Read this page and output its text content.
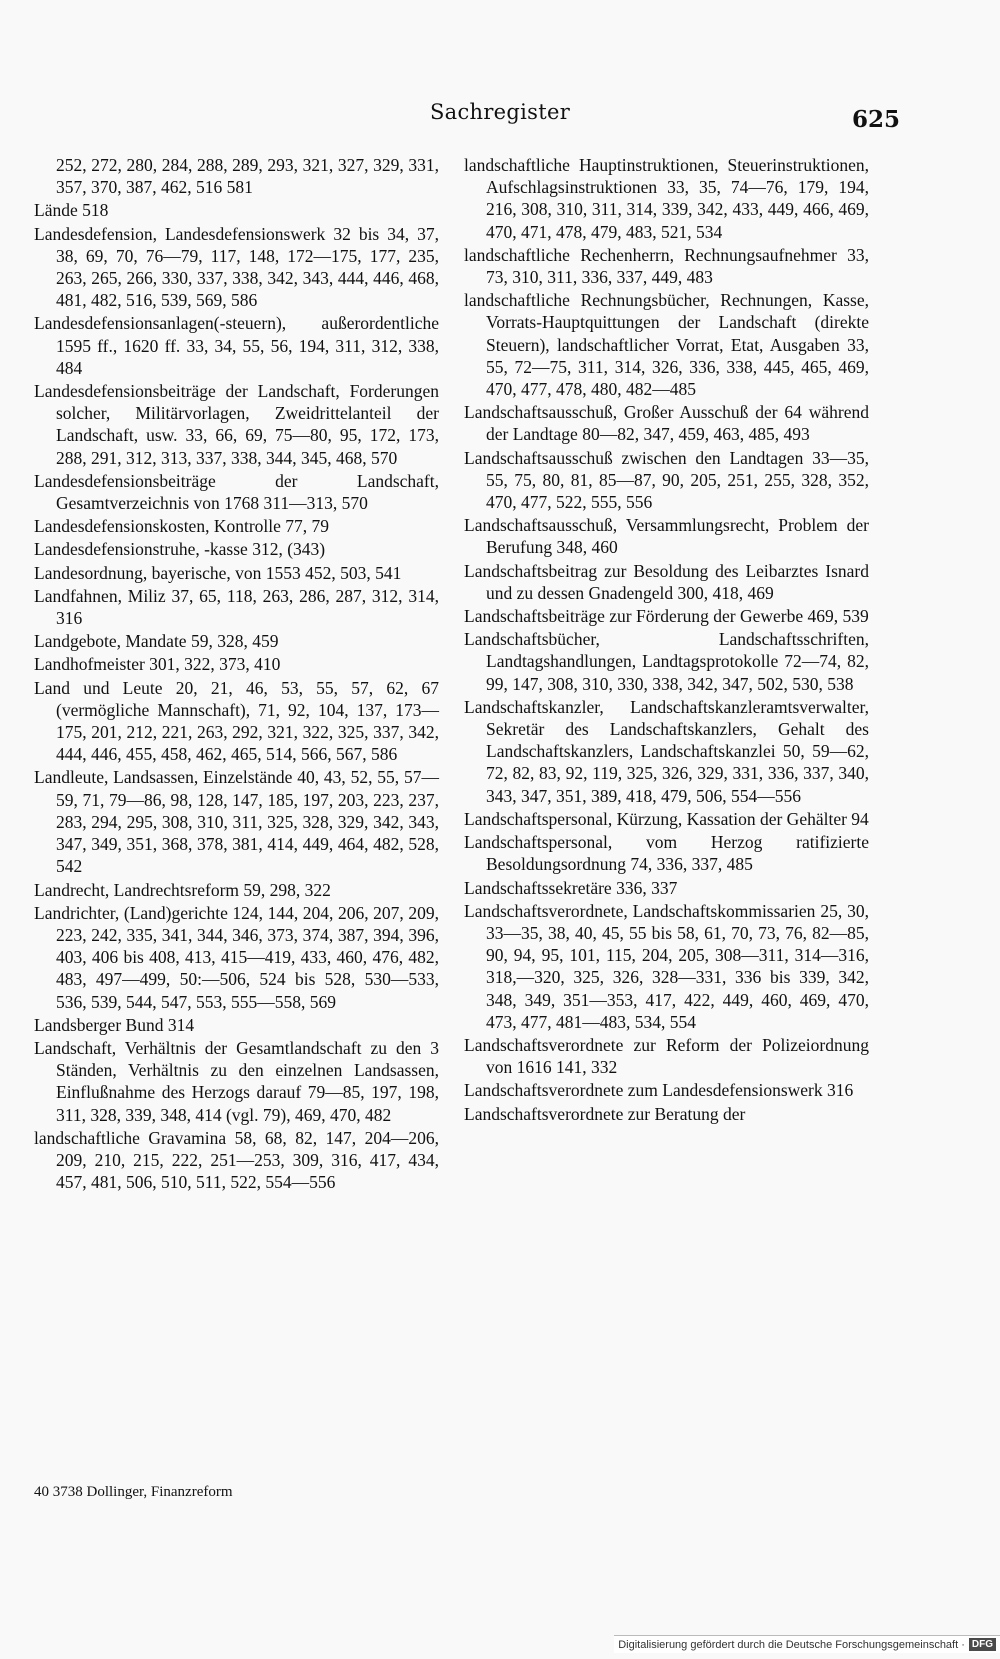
Sachregister	625
252, 272, 280, 284, 288, 289, 293, 321, 327, 329, 331, 357, 370, 387, 462, 516 581
Lände 518
Landesdefension, Landesdefensionswerk 32 bis 34, 37, 38, 69, 70, 76—79, 117, 148, 172—175, 177, 235, 263, 265, 266, 330, 337, 338, 342, 343, 444, 446, 468, 481, 482, 516, 539, 569, 586
Landesdefensionsanlagen(-steuern), außerordentliche 1595 ff., 1620 ff. 33, 34, 55, 56, 194, 311, 312, 338, 484
Landesdefensionsbeiträge der Landschaft, Forderungen solcher, Militärvorlagen, Zweidrittelanteil der Landschaft, usw. 33, 66, 69, 75—80, 95, 172, 173, 288, 291, 312, 313, 337, 338, 344, 345, 468, 570
Landesdefensionsbeiträge der Landschaft, Gesamtverzeichnis von 1768 311—313, 570
Landesdefensionskosten, Kontrolle 77, 79
Landesdefensionstruhe, -kasse 312, (343)
Landesordnung, bayerische, von 1553 452, 503, 541
Landfahnen, Miliz 37, 65, 118, 263, 286, 287, 312, 314, 316
Landgebote, Mandate 59, 328, 459
Landhofmeister 301, 322, 373, 410
Land und Leute 20, 21, 46, 53, 55, 57, 62, 67 (vermögliche Mannschaft), 71, 92, 104, 137, 173—175, 201, 212, 221, 263, 292, 321, 322, 325, 337, 342, 444, 446, 455, 458, 462, 465, 514, 566, 567, 586
Landleute, Landsassen, Einzelstände 40, 43, 52, 55, 57—59, 71, 79—86, 98, 128, 147, 185, 197, 203, 223, 237, 283, 294, 295, 308, 310, 311, 325, 328, 329, 342, 343, 347, 349, 351, 368, 378, 381, 414, 449, 464, 482, 528, 542
Landrecht, Landrechtsreform 59, 298, 322
Landrichter, (Land)gerichte 124, 144, 204, 206, 207, 209, 223, 242, 335, 341, 344, 346, 373, 374, 387, 394, 396, 403, 406 bis 408, 413, 415—419, 433, 460, 476, 482, 483, 497—499, 50:—506, 524 bis 528, 530—533, 536, 539, 544, 547, 553, 555—558, 569
Landsberger Bund 314
Landschaft, Verhältnis der Gesamtlandschaft zu den 3 Ständen, Verhältnis zu den einzelnen Landsassen, Einflußnahme des Herzogs darauf 79—85, 197, 198, 311, 328, 339, 348, 414 (vgl. 79), 469, 470, 482
landschaftliche Gravamina 58, 68, 82, 147, 204—206, 209, 210, 215, 222, 251—253, 309, 316, 417, 434, 457, 481, 506, 510, 511, 522, 554—556
landschaftliche Hauptinstruktionen, Steuerinstruktionen, Aufschlagsinstruktionen 33, 35, 74—76, 179, 194, 216, 308, 310, 311, 314, 339, 342, 433, 449, 466, 469, 470, 471, 478, 479, 483, 521, 534
landschaftliche Rechenherrn, Rechnungsaufnehmer 33, 73, 310, 311, 336, 337, 449, 483
landschaftliche Rechnungsbücher, Rechnungen, Kasse, Vorrats-Hauptquittungen der Landschaft (direkte Steuern), landschaftlicher Vorrat, Etat, Ausgaben 33, 55, 72—75, 311, 314, 326, 336, 338, 445, 465, 469, 470, 477, 478, 480, 482—485
Landschaftsausschuß, Großer Ausschuß der 64 während der Landtage 80—82, 347, 459, 463, 485, 493
Landschaftsausschuß zwischen den Landtagen 33—35, 55, 75, 80, 81, 85—87, 90, 205, 251, 255, 328, 352, 470, 477, 522, 555, 556
Landschaftsausschuß, Versammlungsrecht, Problem der Berufung 348, 460
Landschaftsbeitrag zur Besoldung des Leibarztes Isnard und zu dessen Gnadengeld 300, 418, 469
Landschaftsbeiträge zur Förderung der Gewerbe 469, 539
Landschaftsbücher, Landschaftsschriften, Landtagshandlungen, Landtagsprotokolle 72—74, 82, 99, 147, 308, 310, 330, 338, 342, 347, 502, 530, 538
Landschaftskanzler, Landschaftskanzleramtsverwalter, Sekretär des Landschaftskanzlers, Gehalt des Landschaftskanzlers, Landschaftskanzlei 50, 59—62, 72, 82, 83, 92, 119, 325, 326, 329, 331, 336, 337, 340, 343, 347, 351, 389, 418, 479, 506, 554—556
Landschaftspersonal, Kürzung, Kassation der Gehälter 94
Landschaftspersonal, vom Herzog ratifizierte Besoldungsordnung 74, 336, 337, 485
Landschaftssekretäre 336, 337
Landschaftsverordnete, Landschaftskommissarien 25, 30, 33—35, 38, 40, 45, 55 bis 58, 61, 70, 73, 76, 82—85, 90, 94, 95, 101, 115, 204, 205, 308—311, 314—316, 318,—320, 325, 326, 328—331, 336 bis 339, 342, 348, 349, 351—353, 417, 422, 449, 460, 469, 470, 473, 477, 481—483, 534, 554
Landschaftsverordnete zur Reform der Polizeiordnung von 1616 141, 332
Landschaftsverordnete zum Landesdefensionswerk 316
Landschaftsverordnete zur Beratung der
40 3738 Dollinger, Finanzreform
Digitalisierung gefördert durch die Deutsche Forschungsgemeinschaft · DFG
